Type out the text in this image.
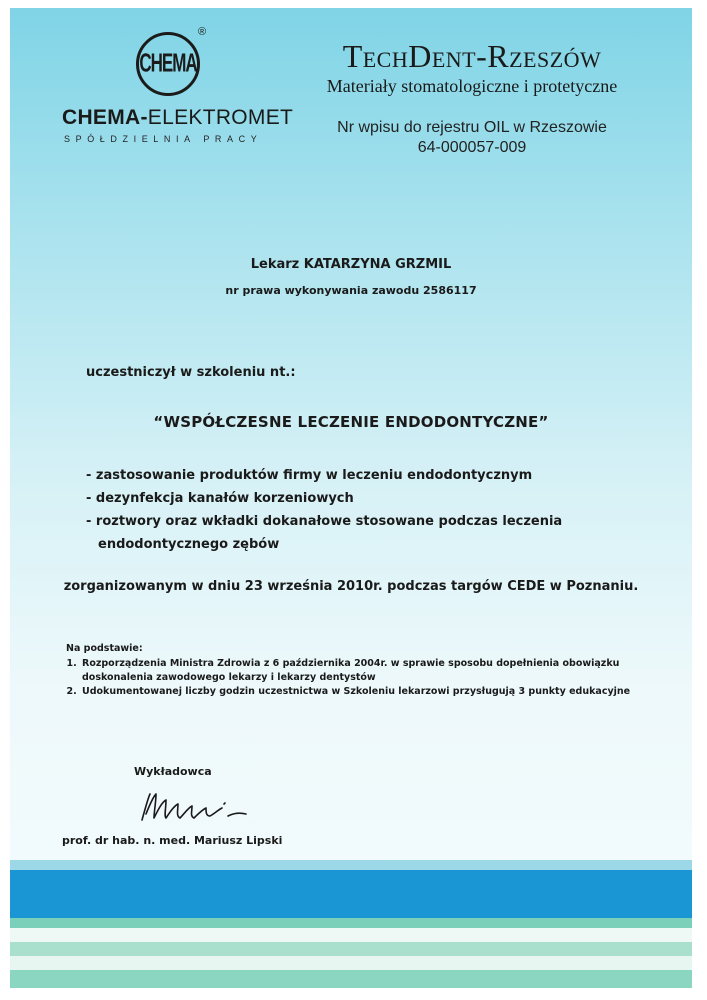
CHEMA
®
CHEMA-ELEKTROMET
SPÓŁDZIELNIA PRACY
TechDent-Rzeszów
Materiały stomatologiczne i protetyczne
Nr wpisu do rejestru OIL w Rzeszowie
64-000057-009
Lekarz KATARZYNA GRZMIL
nr prawa wykonywania zawodu 2586117
uczestniczył w szkoleniu nt.:
“WSPÓŁCZESNE LECZENIE ENDODONTYCZNE”
- zastosowanie produktów firmy w leczeniu endodontycznym
- dezynfekcja kanałów korzeniowych
- roztwory oraz wkładki dokanałowe stosowane podczas leczenia endodontycznego zębów
zorganizowanym w dniu 23 września 2010r. podczas targów CEDE w Poznaniu.
Na podstawie:
1. Rozporządzenia Ministra Zdrowia z 6 października 2004r. w sprawie sposobu dopełnienia obowiązku doskonalenia zawodowego lekarzy i lekarzy dentystów
2. Udokumentowanej liczby godzin uczestnictwa w Szkoleniu lekarzowi przysługują 3 punkty edukacyjne
Wykładowca
prof. dr hab. n. med. Mariusz Lipski
